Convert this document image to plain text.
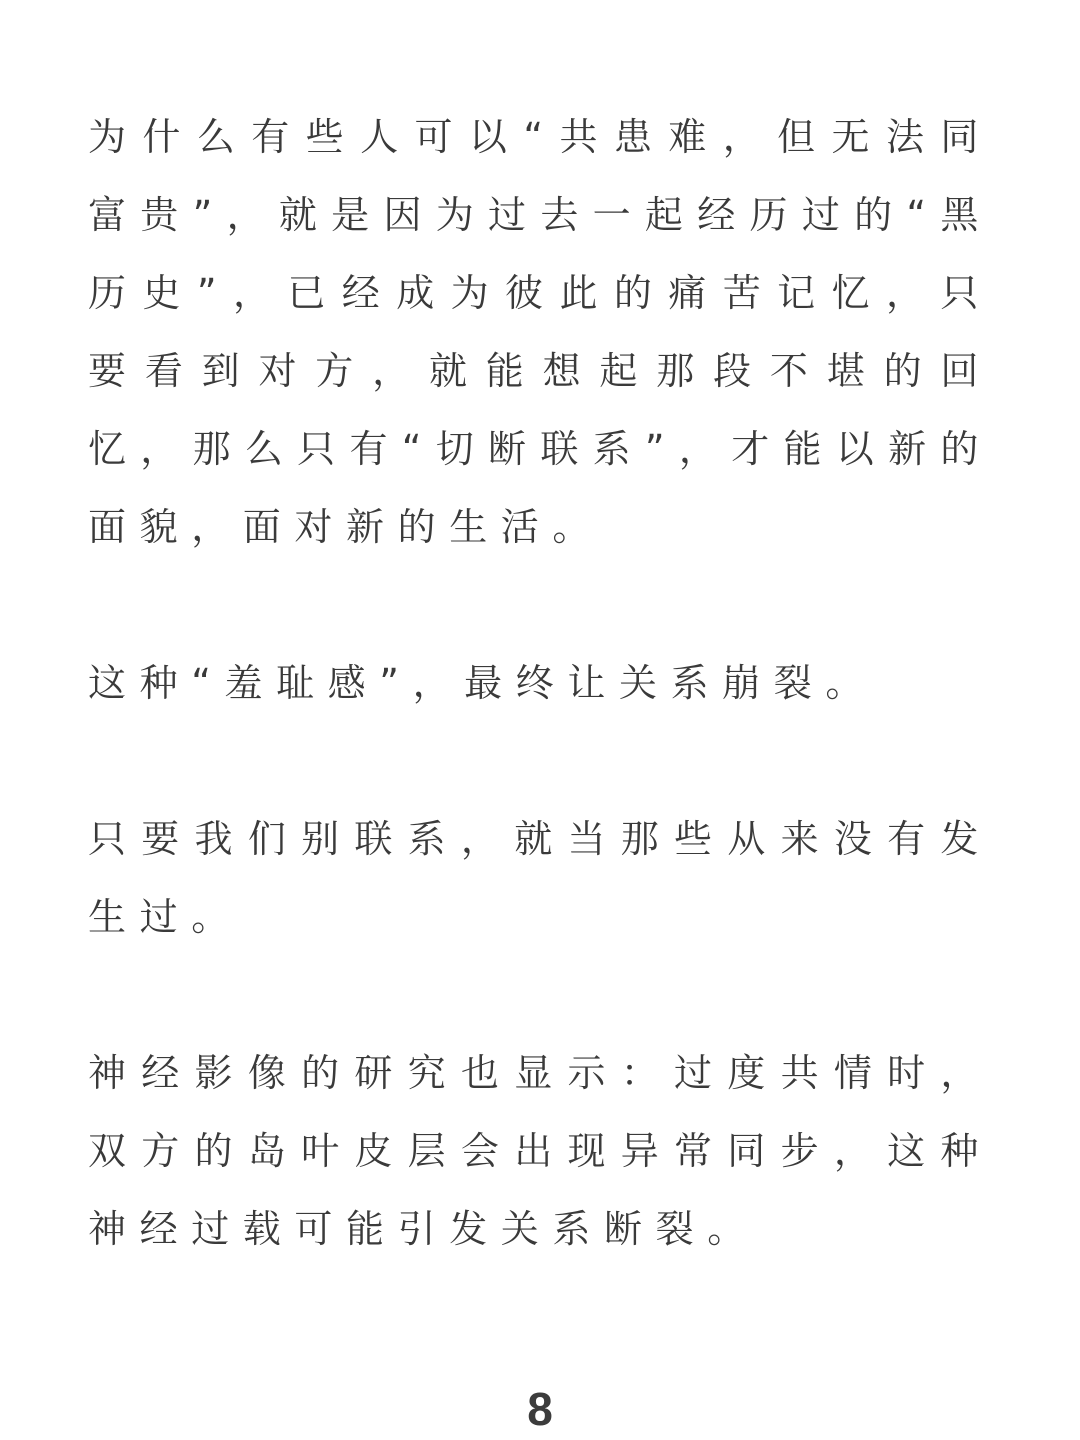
为什么有些人可以“共患难，但无法同富贵”，就是因为过去一起经历过的“黑历史”，已经成为彼此的痛苦记忆，只要看到对方，就能想起那段不堪的回忆，那么只有“切断联系”，才能以新的面貌，面对新的生活。

这种“羞耻感”，最终让关系崩裂。

只要我们别联系，就当那些从来没有发生过。

神经影像的研究也显示：过度共情时，双方的岛叶皮层会出现异常同步，这种神经过载可能引发关系断裂。

8
